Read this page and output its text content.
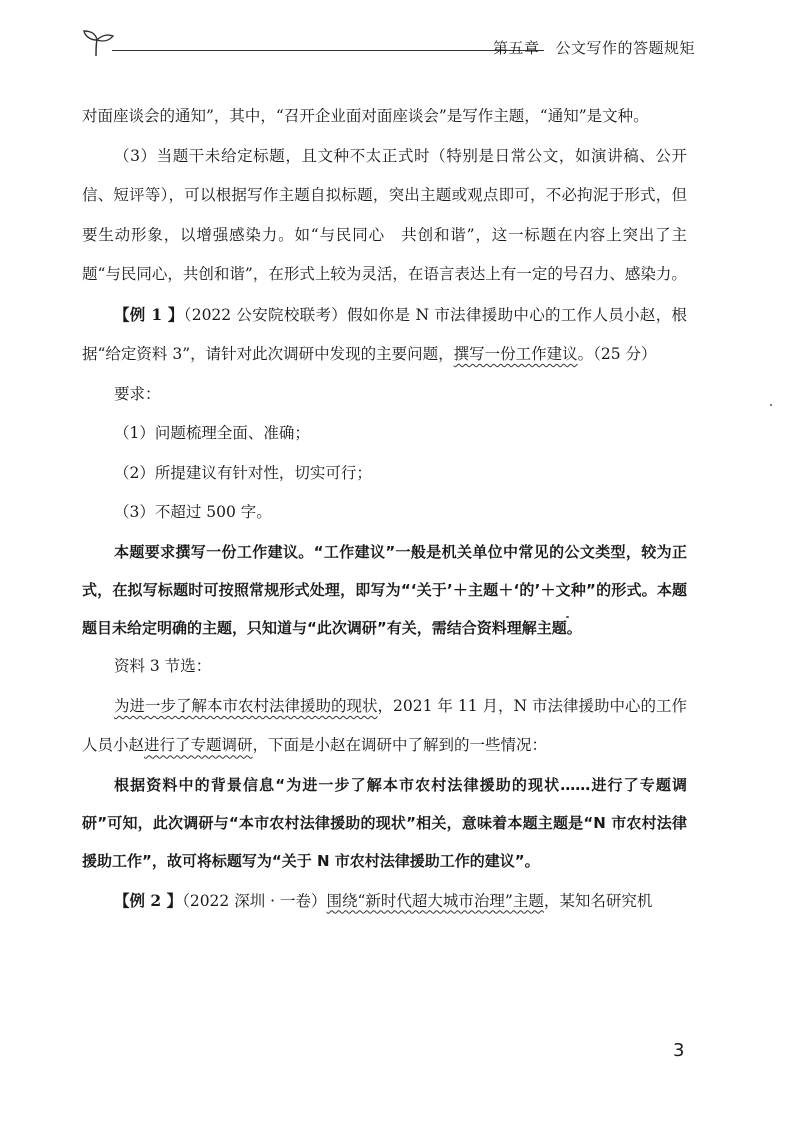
第五章 公文写作的答题规矩

对面座谈会的通知”，其中，“召开企业面对面座谈会”是写作主题，“通知”是文种。

（3）当题干未给定标题，且文种不太正式时（特别是日常公文，如演讲稿、公开信、短评等），可以根据写作主题自拟标题，突出主题或观点即可，不必拘泥于形式，但要生动形象，以增强感染力。如“与民同心　共创和谐”，这一标题在内容上突出了主题“与民同心，共创和谐”，在形式上较为灵活，在语言表达上有一定的号召力、感染力。

【例 1 】（2022 公安院校联考）假如你是 N 市法律援助中心的工作人员小赵，根据“给定资料 3”，请针对此次调研中发现的主要问题，撰写一份工作建议。（25 分）

要求：

（1）问题梳理全面、准确；

（2）所提建议有针对性，切实可行；

（3）不超过 500 字。

本题要求撰写一份工作建议。“工作建议”一般是机关单位中常见的公文类型，较为正式，在拟写标题时可按照常规形式处理，即写为“‘关于’＋主题＋‘的’＋文种”的形式。本题题目未给定明确的主题，只知道与“此次调研”有关，需结合资料理解主题。

资料 3 节选：

为进一步了解本市农村法律援助的现状，2021 年 11 月，N 市法律援助中心的工作人员小赵进行了专题调研，下面是小赵在调研中了解到的一些情况：

根据资料中的背景信息“为进一步了解本市农村法律援助的现状……进行了专题调研”可知，此次调研与“本市农村法律援助的现状”相关，意味着本题主题是“N 市农村法律援助工作”，故可将标题写为“关于 N 市农村法律援助工作的建议”。

【例 2 】（2022 深圳 · 一卷）围绕“新时代超大城市治理”主题，某知名研究机

3
